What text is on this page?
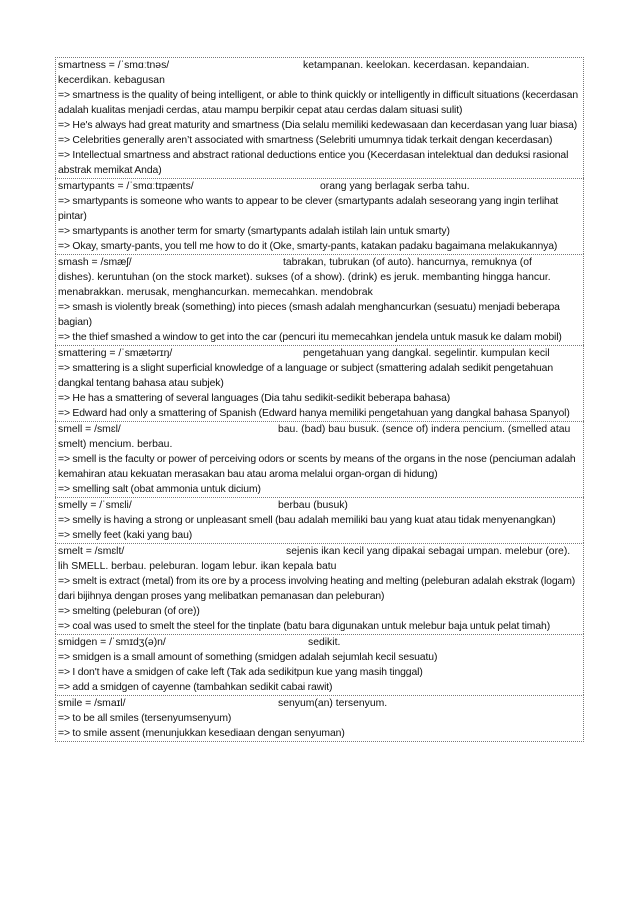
smartness = /ˈsmɑːtnəs/	ketampanan. keelokan. kecerdasan. kepandaian.
kecerdikan. kebagusan
=> smartness is the quality of being intelligent, or able to think quickly or intelligently in difficult situations (kecerdasan adalah kualitas menjadi cerdas, atau mampu berpikir cepat atau cerdas dalam situasi sulit)
=> He's always had great maturity and smartness (Dia selalu memiliki kedewasaan dan kecerdasan yang luar biasa)
=> Celebrities generally aren’t associated with smartness (Selebriti umumnya tidak terkait dengan kecerdasan)
=> Intellectual smartness and abstract rational deductions entice you (Kecerdasan intelektual dan deduksi rasional abstrak memikat Anda)
smartypants = /ˈsmɑːtɪpænts/	orang yang berlagak serba tahu.
=> smartypants is someone who wants to appear to be clever (smartypants adalah seseorang yang ingin terlihat pintar)
=> smartypants is another term for smarty (smartypants adalah istilah lain untuk smarty)
=> Okay, smarty-pants, you tell me how to do it (Oke, smarty-pants, katakan padaku bagaimana melakukannya)
smash = /smæʃ/	tabrakan, tubrukan (of auto). hancurnya, remuknya (of
dishes). keruntuhan (on the stock market). sukses (of a show). (drink) es jeruk. membanting hingga hancur. menabrakkan. merusak, menghancurkan. memecahkan. mendobrak
=> smash is violently break (something) into pieces (smash adalah menghancurkan (sesuatu) menjadi beberapa bagian)
=> the thief smashed a window to get into the car (pencuri itu memecahkan jendela untuk masuk ke dalam mobil)
smattering = /ˈsmætərɪŋ/	pengetahuan yang dangkal. segelintir. kumpulan kecil
=> smattering is a slight superficial knowledge of a language or subject (smattering adalah sedikit pengetahuan dangkal tentang bahasa atau subjek)
=> He has a smattering of several languages (Dia tahu sedikit-sedikit beberapa bahasa)
=> Edward had only a smattering of Spanish (Edward hanya memiliki pengetahuan yang dangkal bahasa Spanyol)
smell = /smɛl/	bau. (bad) bau busuk. (sence of) indera pencium. (smelled atau
smelt) mencium. berbau.
=> smell is the faculty or power of perceiving odors or scents by means of the organs in the nose (penciuman adalah kemahiran atau kekuatan merasakan bau atau aroma melalui organ-organ di hidung)
=> smelling salt (obat ammonia untuk dicium)
smelly = /ˈsmɛli/	berbau (busuk)
=> smelly is having a strong or unpleasant smell (bau adalah memiliki bau yang kuat atau tidak menyenangkan)
=> smelly feet (kaki yang bau)
smelt = /smɛlt/	sejenis ikan kecil yang dipakai sebagai umpan. melebur (ore).
lih SMELL. berbau. peleburan. logam lebur. ikan kepala batu
=> smelt is extract (metal) from its ore by a process involving heating and melting (peleburan adalah ekstrak (logam) dari bijihnya dengan proses yang melibatkan pemanasan dan peleburan)
=> smelting (peleburan (of ore))
=> coal was used to smelt the steel for the tinplate (batu bara digunakan untuk melebur baja untuk pelat timah)
smidgen = /ˈsmɪdʒ(ə)n/	sedikit.
=> smidgen is a small amount of something (smidgen adalah sejumlah kecil sesuatu)
=> I don't have a smidgen of cake left (Tak ada sedikitpun kue yang masih tinggal)
=> add a smidgen of cayenne (tambahkan sedikit cabai rawit)
smile = /smaɪl/	senyum(an) tersenyum.
=> to be all smiles (tersenyumsenyum)
=> to smile assent (menunjukkan kesediaan dengan senyuman)
